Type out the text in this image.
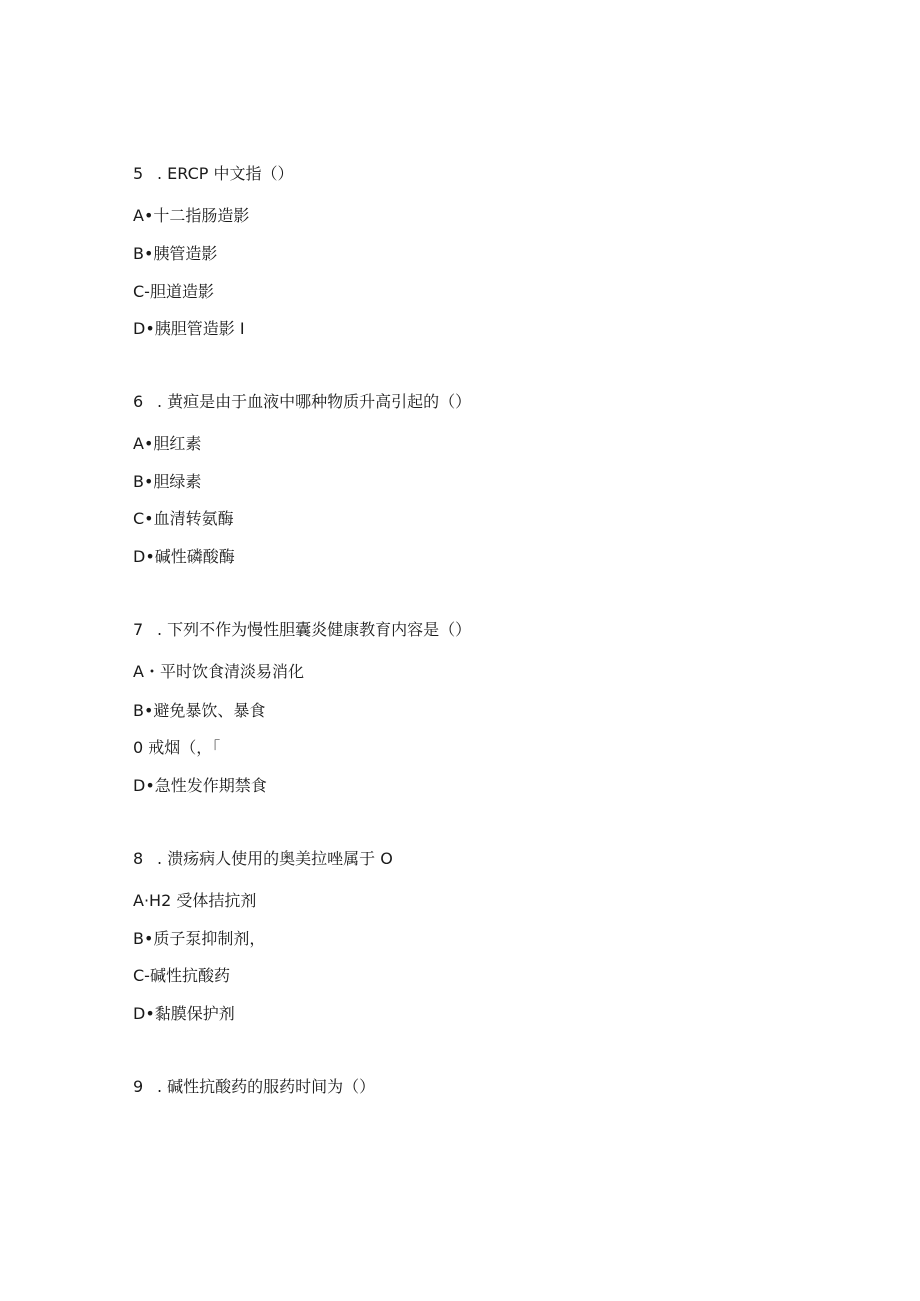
5 . ERCP 中文指（）
A•十二指肠造影
B•胰管造影
C-胆道造影
D•胰胆管造影 I
6 . 黄疸是由于血液中哪种物质升高引起的（）
A•胆红素
B•胆绿素
C•血清转氨酶
D•碱性磷酸酶
7 . 下列不作为慢性胆囊炎健康教育内容是（）
A・平时饮食清淡易消化
B•避免暴饮、暴食
0 戒烟（，「
D•急性发作期禁食
8 . 溃疡病人使用的奥美拉唑属于 O
A·H2 受体拮抗剂
B•质子泵抑制剂，
C-碱性抗酸药
D•黏膜保护剂
9 . 碱性抗酸药的服药时间为（）
